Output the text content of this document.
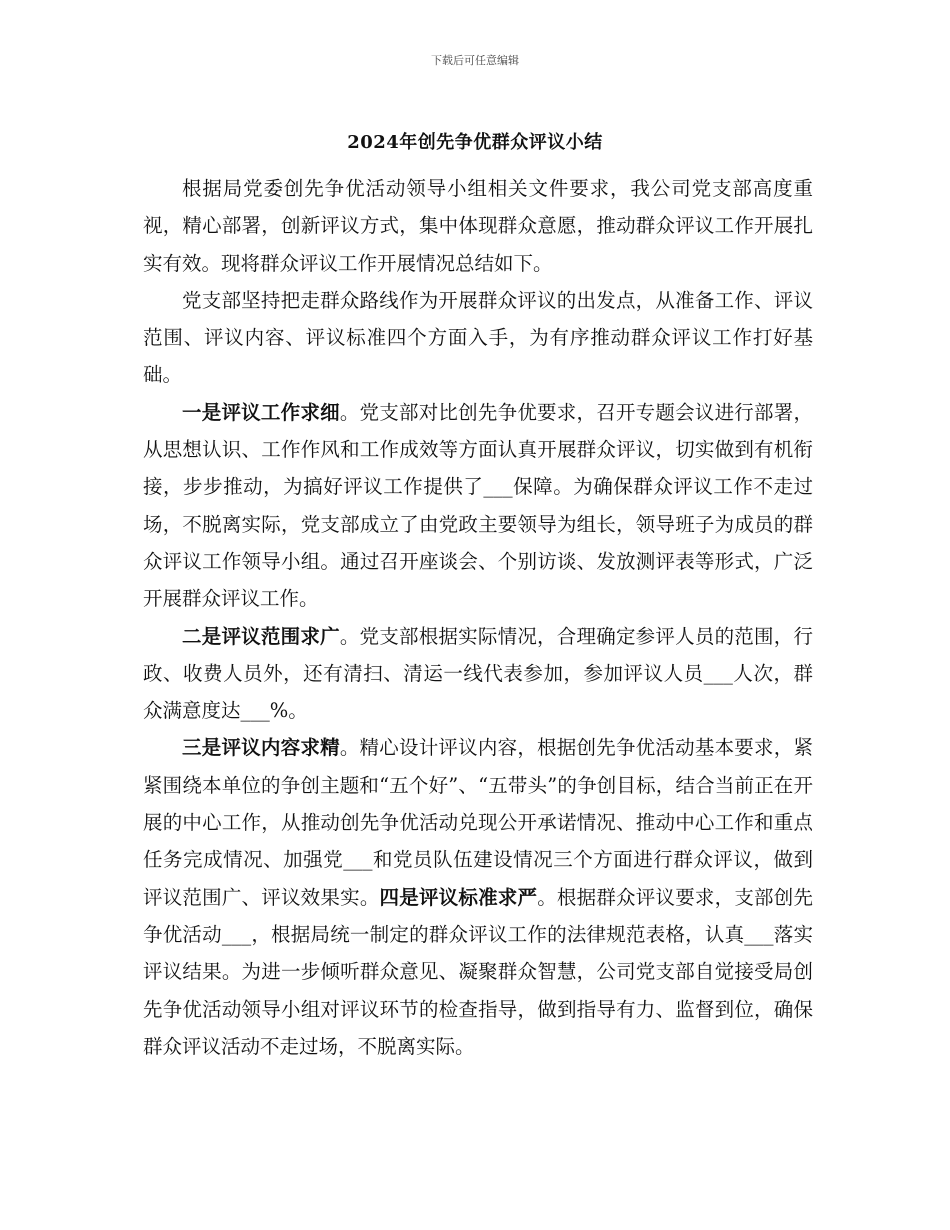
下载后可任意编辑
2024年创先争优群众评议小结

根据局党委创先争优活动领导小组相关文件要求，我公司党支部高度重视，精心部署，创新评议方式，集中体现群众意愿，推动群众评议工作开展扎实有效。现将群众评议工作开展情况总结如下。

党支部坚持把走群众路线作为开展群众评议的出发点，从准备工作、评议范围、评议内容、评议标准四个方面入手，为有序推动群众评议工作打好基础。

一是评议工作求细。党支部对比创先争优要求，召开专题会议进行部署，从思想认识、工作作风和工作成效等方面认真开展群众评议，切实做到有机衔接，步步推动，为搞好评议工作提供了___保障。为确保群众评议工作不走过场，不脱离实际，党支部成立了由党政主要领导为组长，领导班子为成员的群众评议工作领导小组。通过召开座谈会、个别访谈、发放测评表等形式，广泛开展群众评议工作。

二是评议范围求广。党支部根据实际情况，合理确定参评人员的范围，行政、收费人员外，还有清扫、清运一线代表参加，参加评议人员___人次，群众满意度达___%。

三是评议内容求精。精心设计评议内容，根据创先争优活动基本要求，紧紧围绕本单位的争创主题和“五个好”、“五带头”的争创目标，结合当前正在开展的中心工作，从推动创先争优活动兑现公开承诺情况、推动中心工作和重点任务完成情况、加强党___和党员队伍建设情况三个方面进行群众评议，做到评议范围广、评议效果实。四是评议标准求严。根据群众评议要求，支部创先争优活动___，根据局统一制定的群众评议工作的法律规范表格，认真___落实评议结果。为进一步倾听群众意见、凝聚群众智慧，公司党支部自觉接受局创先争优活动领导小组对评议环节的检查指导，做到指导有力、监督到位，确保群众评议活动不走过场，不脱离实际。
